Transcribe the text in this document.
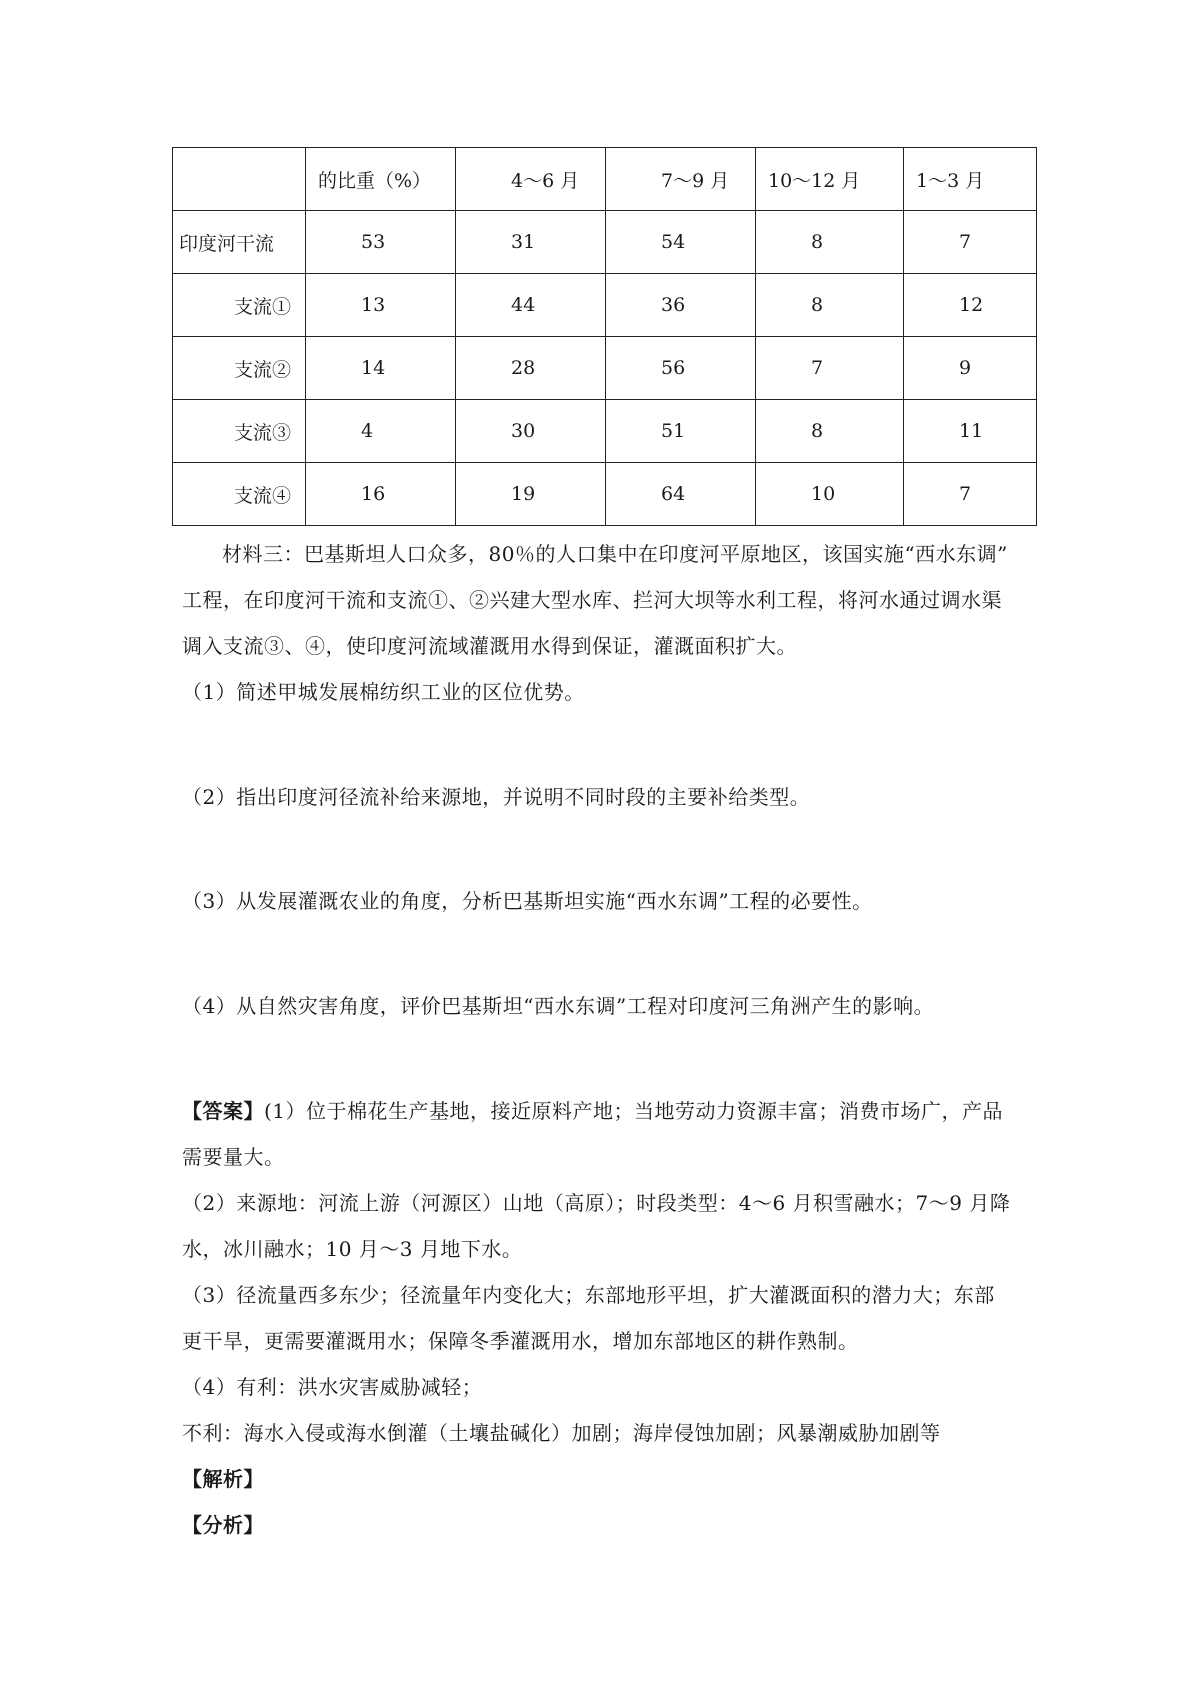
	的比重（%）	4～6 月	7～9 月	10～12 月	1～3 月
印度河干流	53	31	54	8	7
支流①	13	44	36	8	12
支流②	14	28	56	7	9
支流③	4	30	51	8	11
支流④	16	19	64	10	7

材料三：巴基斯坦人口众多，80％的人口集中在印度河平原地区，该国实施“西水东调”

工程，在印度河干流和支流①、②兴建大型水库、拦河大坝等水利工程，将河水通过调水渠

调入支流③、④，使印度河流域灌溉用水得到保证，灌溉面积扩大。

（1）简述甲城发展棉纺织工业的区位优势。

（2）指出印度河径流补给来源地，并说明不同时段的主要补给类型。

（3）从发展灌溉农业的角度，分析巴基斯坦实施“西水东调”工程的必要性。

（4）从自然灾害角度，评价巴基斯坦“西水东调”工程对印度河三角洲产生的影响。

【答案】(1）位于棉花生产基地，接近原料产地；当地劳动力资源丰富；消费市场广，产品

需要量大。

（2）来源地：河流上游（河源区）山地（高原）；时段类型：4～6 月积雪融水；7～9 月降

水，冰川融水；10 月～3 月地下水。

（3）径流量西多东少；径流量年内变化大；东部地形平坦，扩大灌溉面积的潜力大；东部

更干旱，更需要灌溉用水；保障冬季灌溉用水，增加东部地区的耕作熟制。

（4）有利：洪水灾害威胁减轻；

不利：海水入侵或海水倒灌（土壤盐碱化）加剧；海岸侵蚀加剧；风暴潮威胁加剧等

【解析】

【分析】
